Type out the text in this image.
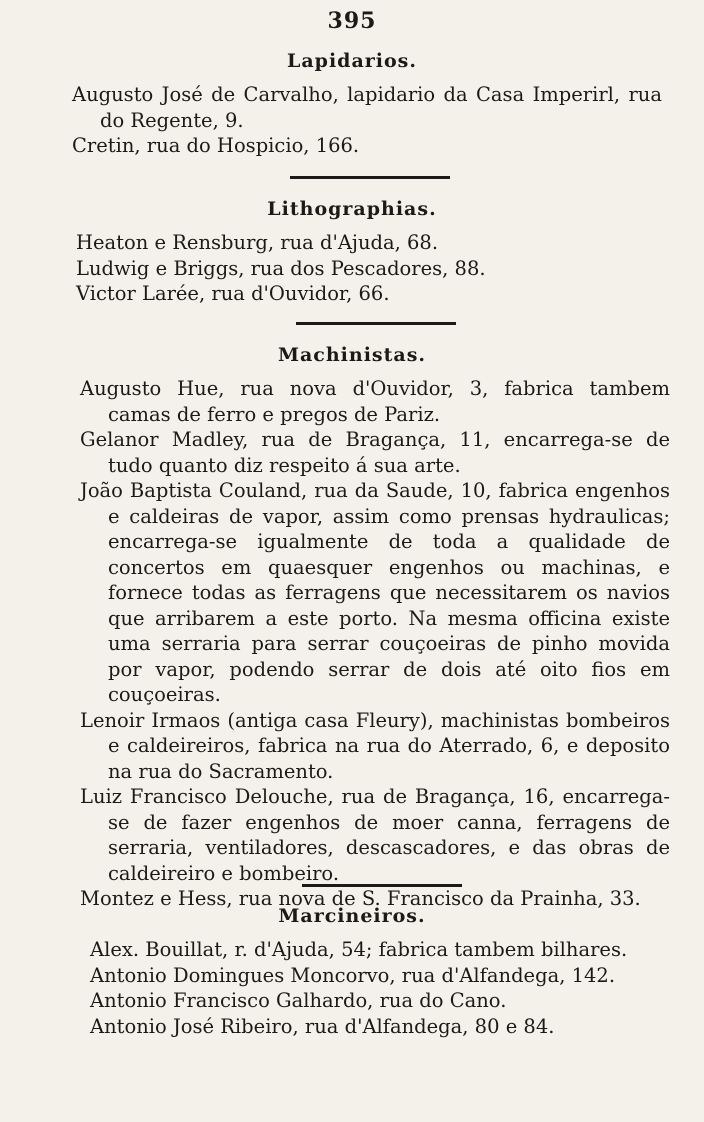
395
Lapidarios.
Augusto José de Carvalho, lapidario da Casa Imperirl, rua do Regente, 9.
Cretin, rua do Hospicio, 166.
Lithographias.
Heaton e Rensburg, rua d'Ajuda, 68.
Ludwig e Briggs, rua dos Pescadores, 88.
Victor Larée, rua d'Ouvidor, 66.
Machinistas.
Augusto Hue, rua nova d'Ouvidor, 3, fabrica tambem camas de ferro e pregos de Pariz.
Gelanor Madley, rua de Bragança, 11, encarrega-se de tudo quanto diz respeito á sua arte.
João Baptista Couland, rua da Saude, 10, fabrica engenhos e caldeiras de vapor, assim como prensas hydraulicas; encarrega-se igualmente de toda a qualidade de concertos em quaesquer engenhos ou machinas, e fornece todas as ferragens que necessitarem os navios que arribarem a este porto. Na mesma officina existe uma serraria para serrar couçoeiras de pinho movida por vapor, podendo serrar de dois até oito fios em couçoeiras.
Lenoir Irmaos (antiga casa Fleury), machinistas bombeiros e caldeireiros, fabrica na rua do Aterrado, 6, e deposito na rua do Sacramento.
Luiz Francisco Delouche, rua de Bragança, 16, encarrega-se de fazer engenhos de moer canna, ferragens de serraria, ventiladores, descascadores, e das obras de caldeireiro e bombeiro.
Montez e Hess, rua nova de S. Francisco da Prainha, 33.
Marcineiros.
Alex. Bouillat, r. d'Ajuda, 54; fabrica tambem bilhares.
Antonio Domingues Moncorvo, rua d'Alfandega, 142.
Antonio Francisco Galhardo, rua do Cano.
Antonio José Ribeiro, rua d'Alfandega, 80 e 84.
